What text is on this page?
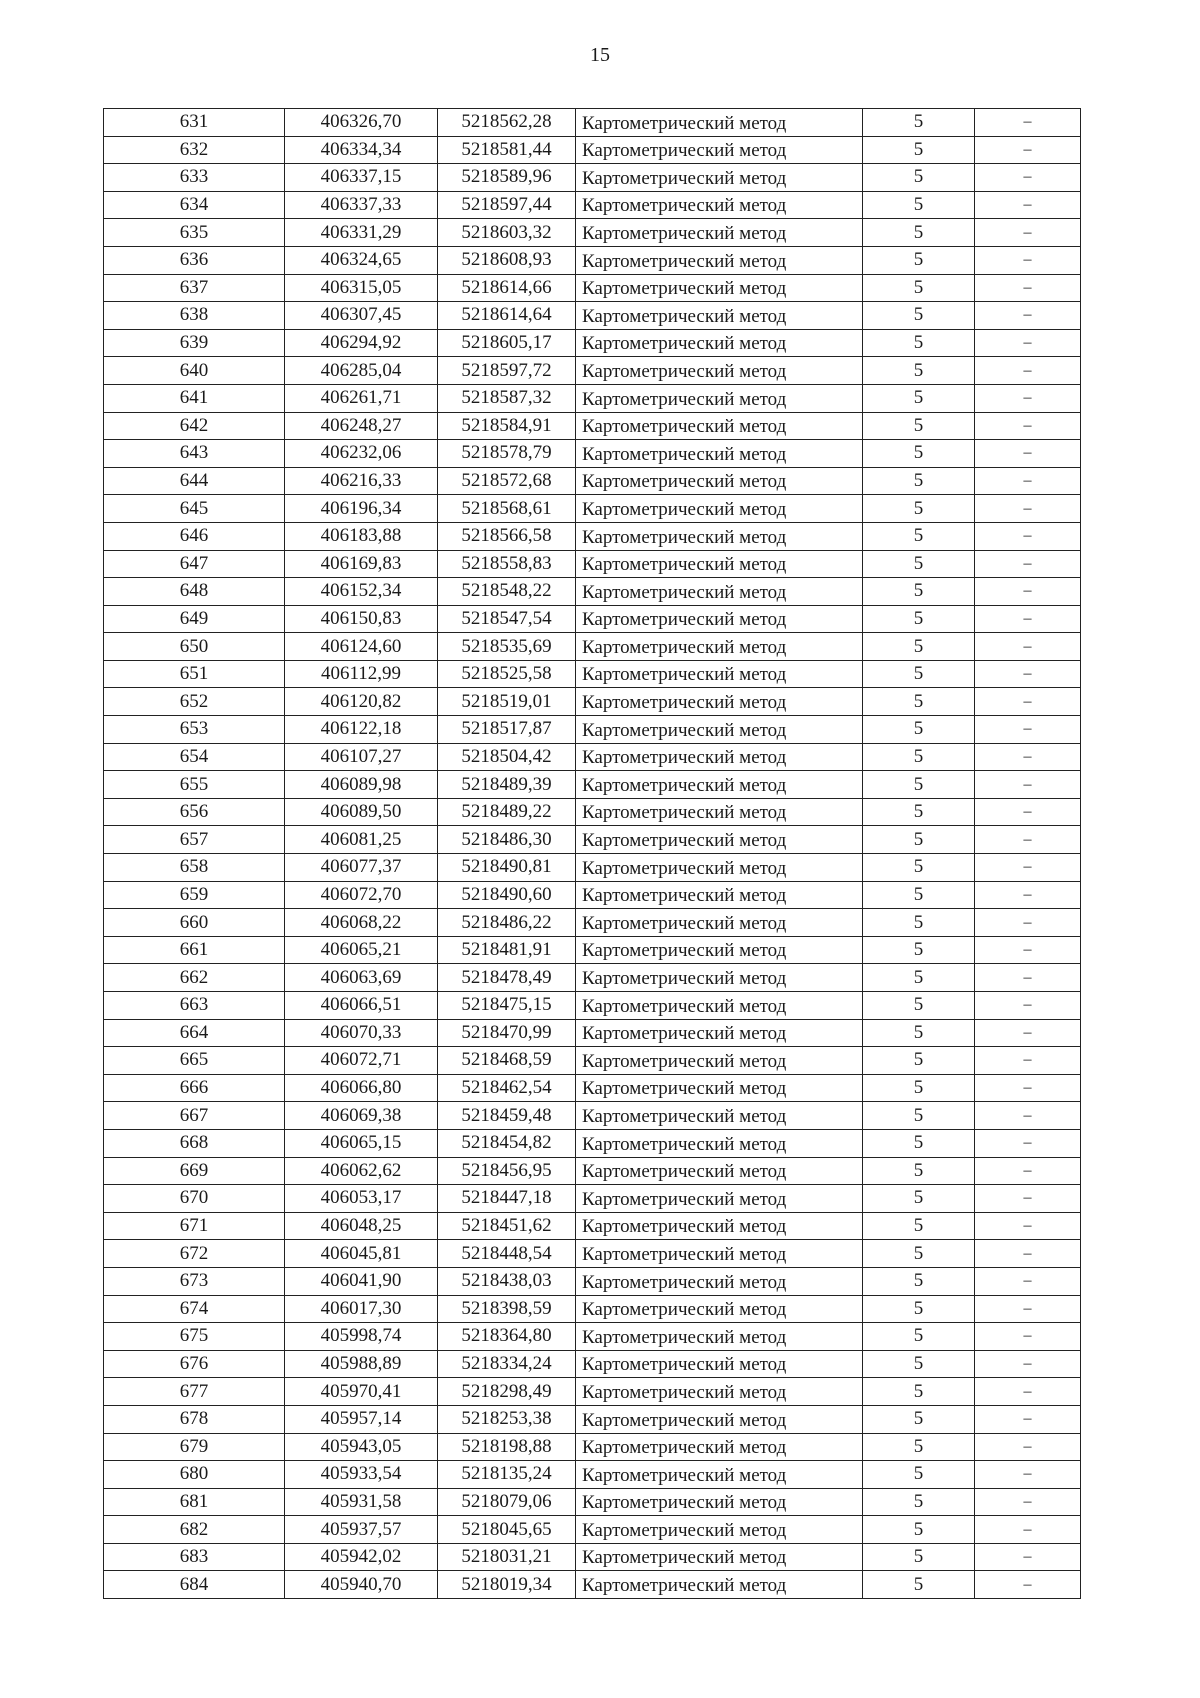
15
631	406326,70	5218562,28	Картометрический метод	5	–
632	406334,34	5218581,44	Картометрический метод	5	–
633	406337,15	5218589,96	Картометрический метод	5	–
634	406337,33	5218597,44	Картометрический метод	5	–
635	406331,29	5218603,32	Картометрический метод	5	–
636	406324,65	5218608,93	Картометрический метод	5	–
637	406315,05	5218614,66	Картометрический метод	5	–
638	406307,45	5218614,64	Картометрический метод	5	–
639	406294,92	5218605,17	Картометрический метод	5	–
640	406285,04	5218597,72	Картометрический метод	5	–
641	406261,71	5218587,32	Картометрический метод	5	–
642	406248,27	5218584,91	Картометрический метод	5	–
643	406232,06	5218578,79	Картометрический метод	5	–
644	406216,33	5218572,68	Картометрический метод	5	–
645	406196,34	5218568,61	Картометрический метод	5	–
646	406183,88	5218566,58	Картометрический метод	5	–
647	406169,83	5218558,83	Картометрический метод	5	–
648	406152,34	5218548,22	Картометрический метод	5	–
649	406150,83	5218547,54	Картометрический метод	5	–
650	406124,60	5218535,69	Картометрический метод	5	–
651	406112,99	5218525,58	Картометрический метод	5	–
652	406120,82	5218519,01	Картометрический метод	5	–
653	406122,18	5218517,87	Картометрический метод	5	–
654	406107,27	5218504,42	Картометрический метод	5	–
655	406089,98	5218489,39	Картометрический метод	5	–
656	406089,50	5218489,22	Картометрический метод	5	–
657	406081,25	5218486,30	Картометрический метод	5	–
658	406077,37	5218490,81	Картометрический метод	5	–
659	406072,70	5218490,60	Картометрический метод	5	–
660	406068,22	5218486,22	Картометрический метод	5	–
661	406065,21	5218481,91	Картометрический метод	5	–
662	406063,69	5218478,49	Картометрический метод	5	–
663	406066,51	5218475,15	Картометрический метод	5	–
664	406070,33	5218470,99	Картометрический метод	5	–
665	406072,71	5218468,59	Картометрический метод	5	–
666	406066,80	5218462,54	Картометрический метод	5	–
667	406069,38	5218459,48	Картометрический метод	5	–
668	406065,15	5218454,82	Картометрический метод	5	–
669	406062,62	5218456,95	Картометрический метод	5	–
670	406053,17	5218447,18	Картометрический метод	5	–
671	406048,25	5218451,62	Картометрический метод	5	–
672	406045,81	5218448,54	Картометрический метод	5	–
673	406041,90	5218438,03	Картометрический метод	5	–
674	406017,30	5218398,59	Картометрический метод	5	–
675	405998,74	5218364,80	Картометрический метод	5	–
676	405988,89	5218334,24	Картометрический метод	5	–
677	405970,41	5218298,49	Картометрический метод	5	–
678	405957,14	5218253,38	Картометрический метод	5	–
679	405943,05	5218198,88	Картометрический метод	5	–
680	405933,54	5218135,24	Картометрический метод	5	–
681	405931,58	5218079,06	Картометрический метод	5	–
682	405937,57	5218045,65	Картометрический метод	5	–
683	405942,02	5218031,21	Картометрический метод	5	–
684	405940,70	5218019,34	Картометрический метод	5	–
